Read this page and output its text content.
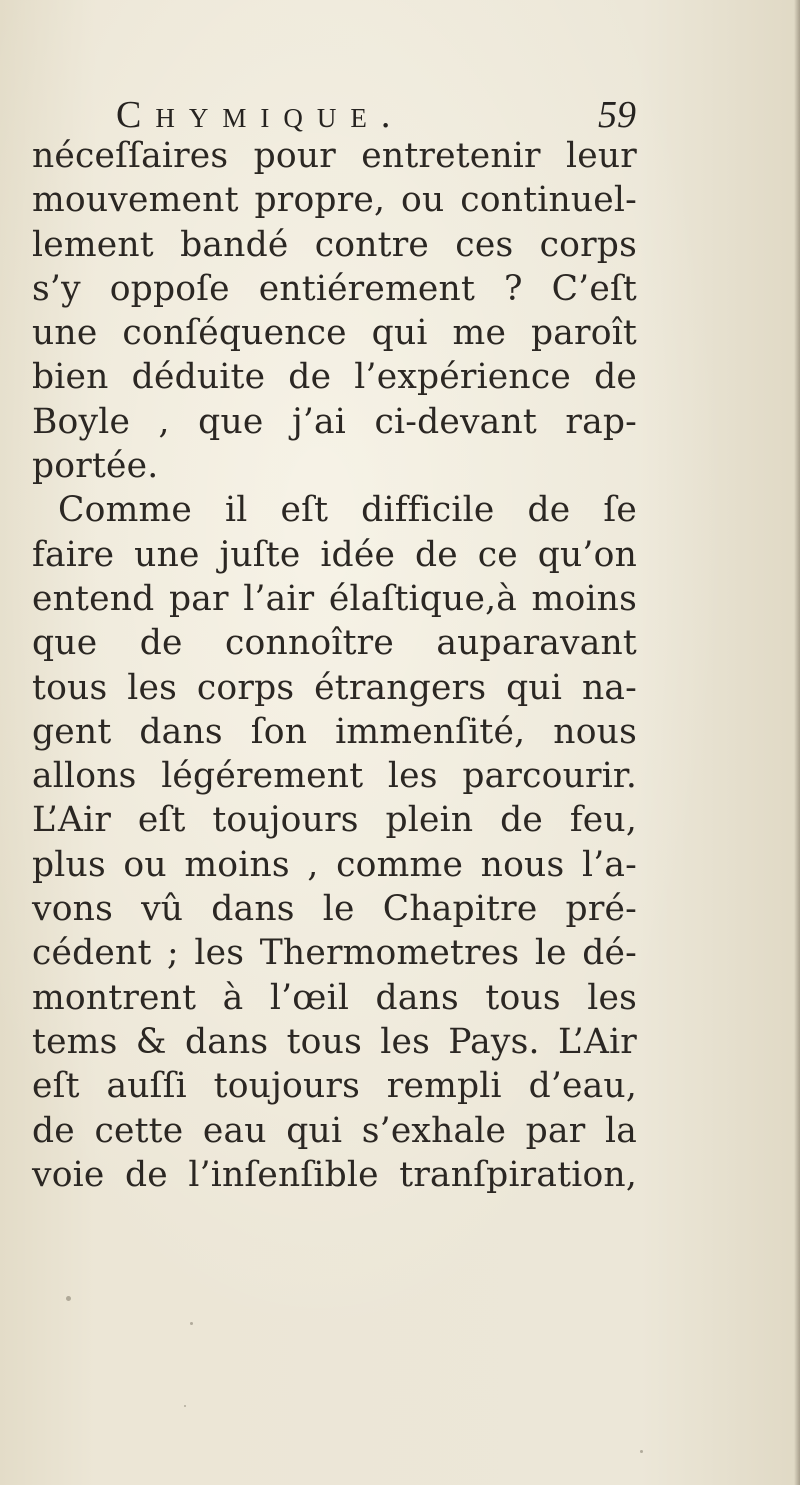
Chymique.	59
néceſſaires pour entretenir leur
mouvement propre, ou continuel-
lement bandé contre ces corps
s’y oppoſe entiérement ? C’eſt
une conſéquence qui me paroît
bien déduite de l’expérience de
Boyle , que j’ai ci-devant rap-
portée.
Comme il eſt difficile de ſe
faire une juſte idée de ce qu’on
entend par l’air élaſtique,à moins
que de connoître auparavant
tous les corps étrangers qui na-
gent dans ſon immenſité, nous
allons légérement les parcourir.
L’Air eſt toujours plein de feu,
plus ou moins , comme nous l’a-
vons vû dans le Chapitre pré-
cédent ; les Thermometres le dé-
montrent à l’œil dans tous les
tems & dans tous les Pays. L’Air
eſt auſſi toujours rempli d’eau,
de cette eau qui s’exhale par la
voie de l’inſenſible tranſpiration,
